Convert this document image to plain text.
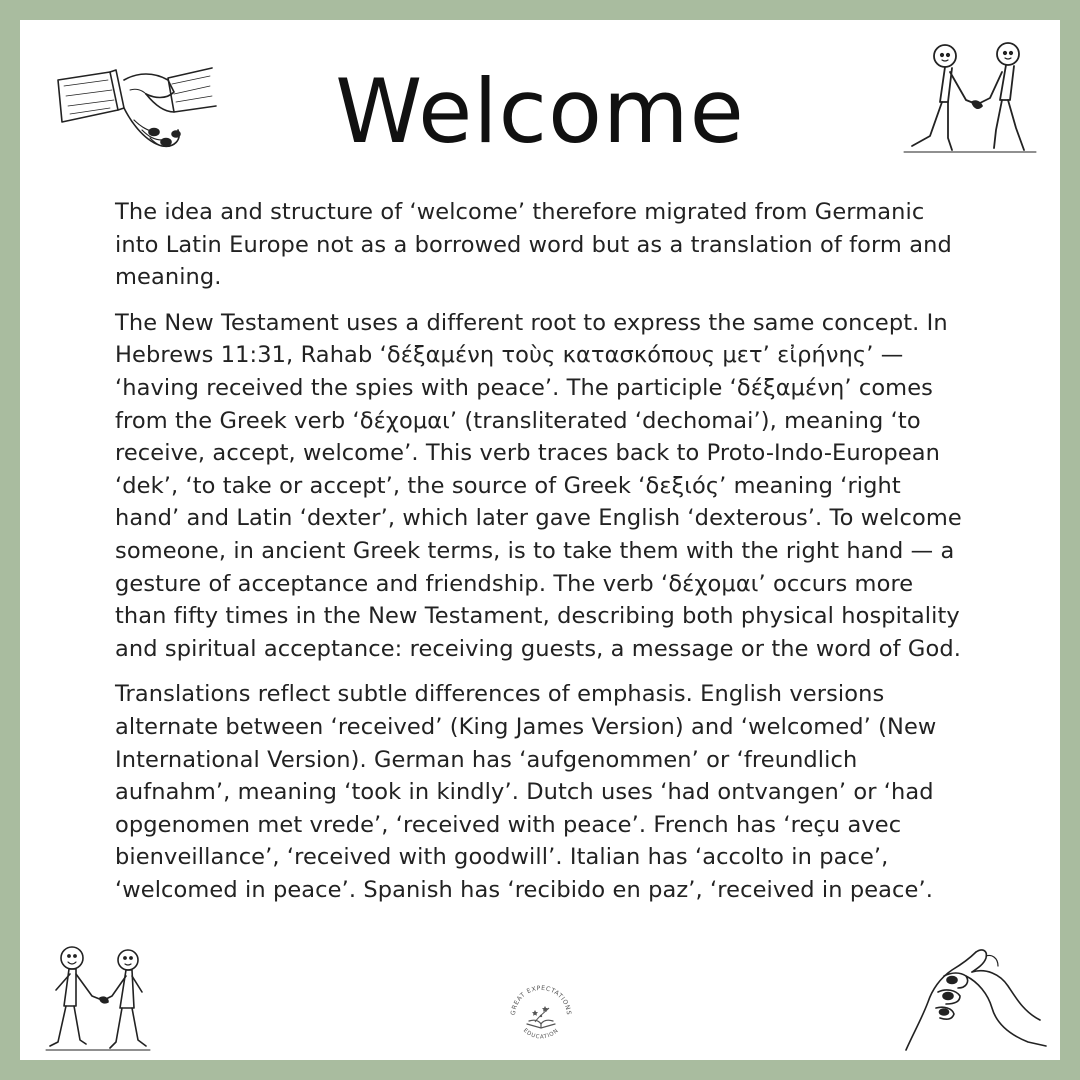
Welcome

The idea and structure of ‘welcome’ therefore migrated from Germanic into Latin Europe not as a borrowed word but as a translation of form and meaning.

The New Testament uses a different root to express the same concept. In Hebrews 11:31, Rahab ‘δέξαμένη τοὺς κατασκόπους μετ’ εἰρήνης’ — ‘having received the spies with peace’. The participle ‘δέξαμένη’ comes from the Greek verb ‘δέχομαι’ (transliterated ‘dechomai’), meaning ‘to receive, accept, welcome’. This verb traces back to Proto-Indo-European ‘dek’, ‘to take or accept’, the source of Greek ‘δεξιός’ meaning ‘right hand’ and Latin ‘dexter’, which later gave English ‘dexterous’. To welcome someone, in ancient Greek terms, is to take them with the right hand — a gesture of acceptance and friendship. The verb ‘δέχομαι’ occurs more than fifty times in the New Testament, describing both physical hospitality and spiritual acceptance: receiving guests, a message or the word of God.

Translations reflect subtle differences of emphasis. English versions alternate between ‘received’ (King James Version) and ‘welcomed’ (New International Version). German has ‘aufgenommen’ or ‘freundlich aufnahm’, meaning ‘took in kindly’. Dutch uses ‘had ontvangen’ or ‘had opgenomen met vrede’, ‘received with peace’. French has ‘reçu avec bienveillance’, ‘received with goodwill’. Italian has ‘accolto in pace’, ‘welcomed in peace’. Spanish has ‘recibido en paz’, ‘received in peace’.

GREAT EXPECTATIONS
EDUCATION
